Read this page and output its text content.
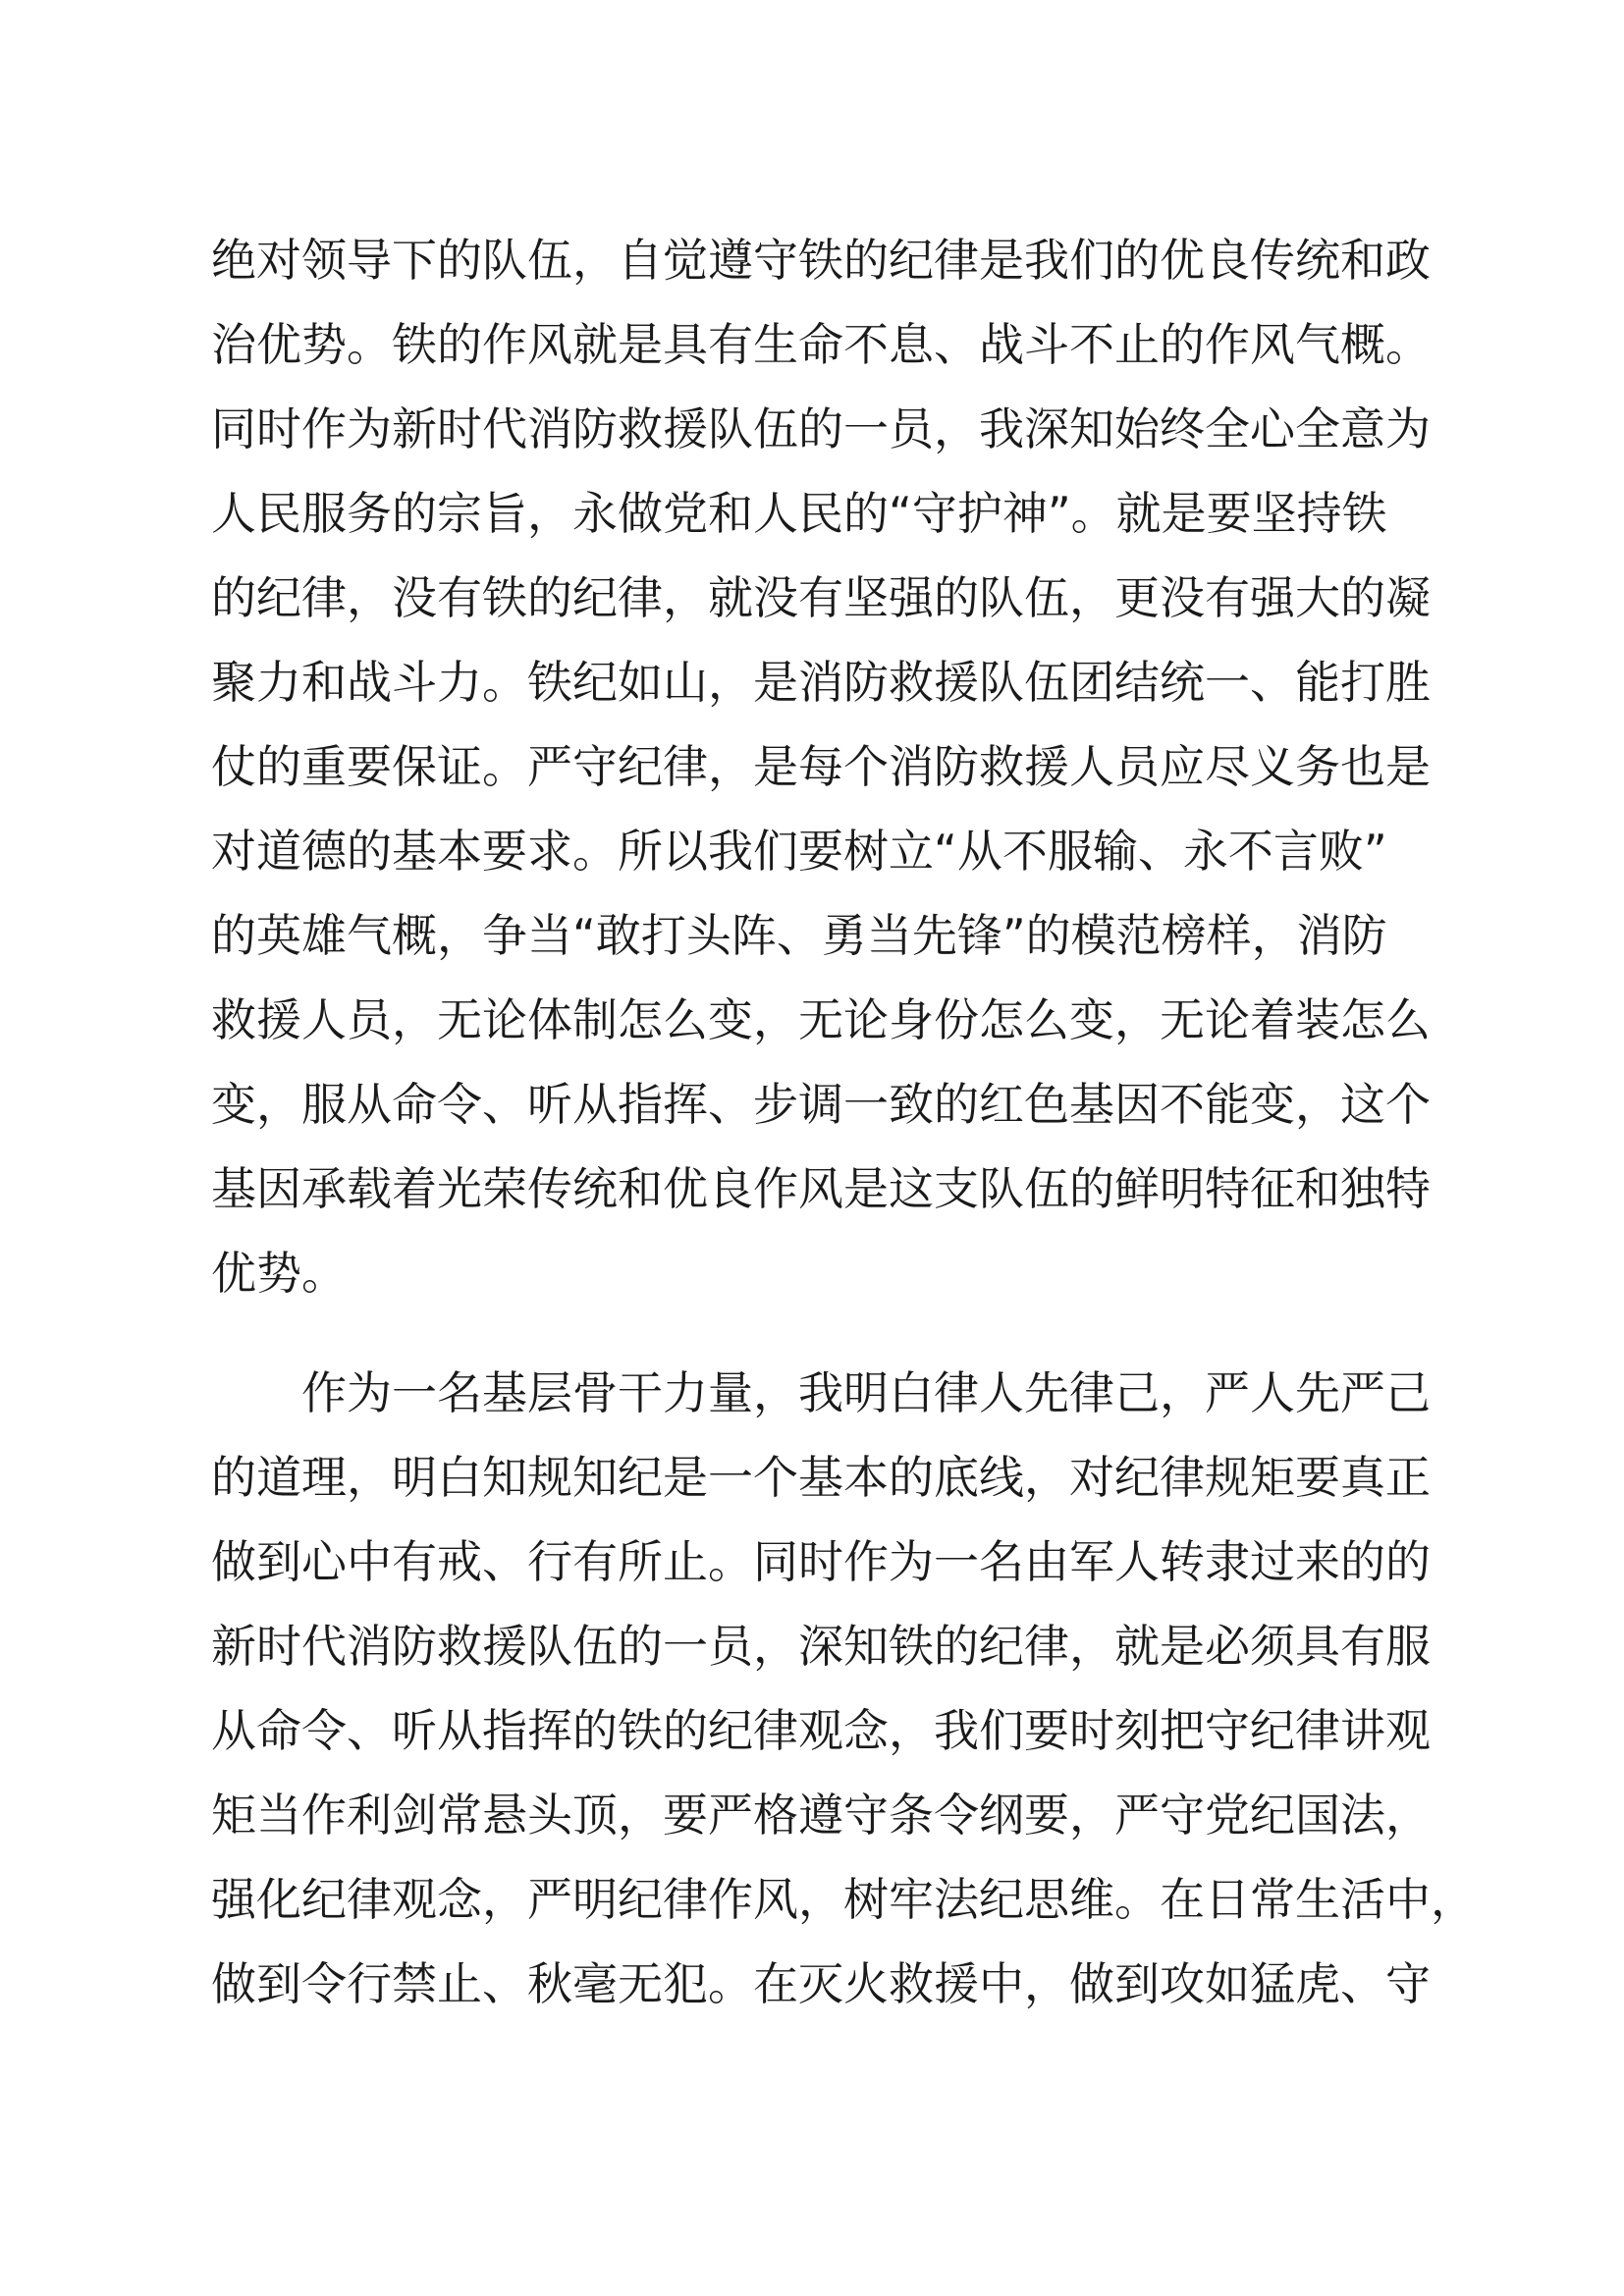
绝对领导下的队伍，自觉遵守铁的纪律是我们的优良传统和政
治优势。铁的作风就是具有生命不息、战斗不止的作风气概。
同时作为新时代消防救援队伍的一员，我深知始终全心全意为
人民服务的宗旨，永做党和人民的“守护神”。就是要坚持铁
的纪律，没有铁的纪律，就没有坚强的队伍，更没有强大的凝
聚力和战斗力。铁纪如山，是消防救援队伍团结统一、能打胜
仗的重要保证。严守纪律，是每个消防救援人员应尽义务也是
对道德的基本要求。所以我们要树立“从不服输、永不言败”
的英雄气概，争当“敢打头阵、勇当先锋”的模范榜样，消防
救援人员，无论体制怎么变，无论身份怎么变，无论着装怎么
变，服从命令、听从指挥、步调一致的红色基因不能变，这个
基因承载着光荣传统和优良作风是这支队伍的鲜明特征和独特
优势。
作为一名基层骨干力量，我明白律人先律己，严人先严己
的道理，明白知规知纪是一个基本的底线，对纪律规矩要真正
做到心中有戒、行有所止。同时作为一名由军人转隶过来的的
新时代消防救援队伍的一员，深知铁的纪律，就是必须具有服
从命令、听从指挥的铁的纪律观念，我们要时刻把守纪律讲观
矩当作利剑常悬头顶，要严格遵守条令纲要，严守党纪国法，
强化纪律观念，严明纪律作风，树牢法纪思维。在日常生活中，
做到令行禁止、秋毫无犯。在灭火救援中，做到攻如猛虎、守
